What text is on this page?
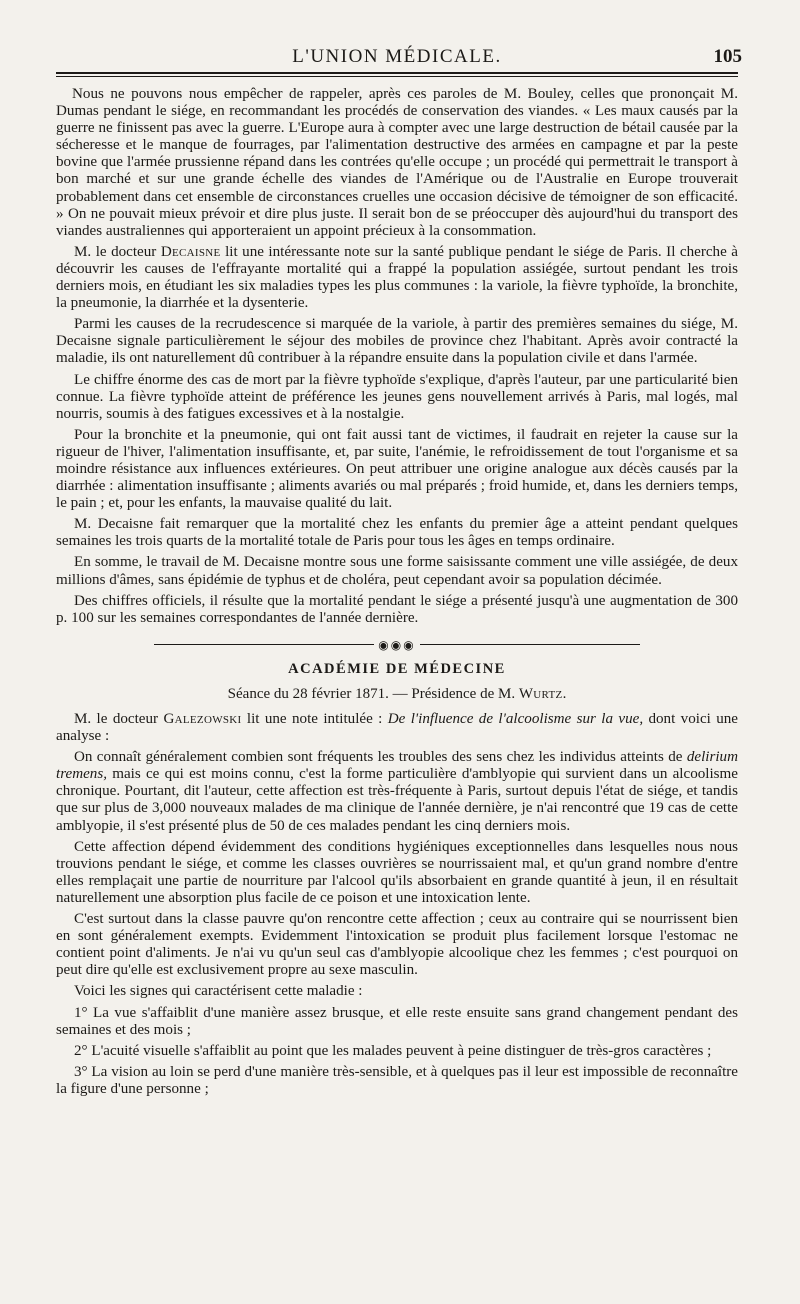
L'UNION MÉDICALE.	105

Nous ne pouvons nous empêcher de rappeler, après ces paroles de M. Bouley, celles que prononçait M. Dumas pendant le siége, en recommandant les procédés de conservation des viandes. « Les maux causés par la guerre ne finissent pas avec la guerre. L'Europe aura à compter avec une large destruction de bétail causée par la sécheresse et le manque de fourrages, par l'alimentation destructive des armées en campagne et par la peste bovine que l'armée prussienne répand dans les contrées qu'elle occupe ; un procédé qui permettrait le transport à bon marché et sur une grande échelle des viandes de l'Amérique ou de l'Australie en Europe trouverait probablement dans cet ensemble de circonstances cruelles une occasion décisive de témoigner de son efficacité. » On ne pouvait mieux prévoir et dire plus juste. Il serait bon de se préoccuper dès aujourd'hui du transport des viandes australiennes qui apporteraient un appoint précieux à la consommation.

M. le docteur Decaisne lit une intéressante note sur la santé publique pendant le siége de Paris. Il cherche à découvrir les causes de l'effrayante mortalité qui a frappé la population assiégée, surtout pendant les trois derniers mois, en étudiant les six maladies types les plus communes : la variole, la fièvre typhoïde, la bronchite, la pneumonie, la diarrhée et la dysenterie.

Parmi les causes de la recrudescence si marquée de la variole, à partir des premières semaines du siége, M. Decaisne signale particulièrement le séjour des mobiles de province chez l'habitant. Après avoir contracté la maladie, ils ont naturellement dû contribuer à la répandre ensuite dans la population civile et dans l'armée.

Le chiffre énorme des cas de mort par la fièvre typhoïde s'explique, d'après l'auteur, par une particularité bien connue. La fièvre typhoïde atteint de préférence les jeunes gens nouvellement arrivés à Paris, mal logés, mal nourris, soumis à des fatigues excessives et à la nostalgie.

Pour la bronchite et la pneumonie, qui ont fait aussi tant de victimes, il faudrait en rejeter la cause sur la rigueur de l'hiver, l'alimentation insuffisante, et, par suite, l'anémie, le refroidissement de tout l'organisme et sa moindre résistance aux influences extérieures. On peut attribuer une origine analogue aux décès causés par la diarrhée : alimentation insuffisante ; aliments avariés ou mal préparés ; froid humide, et, dans les derniers temps, le pain ; et, pour les enfants, la mauvaise qualité du lait.

M. Decaisne fait remarquer que la mortalité chez les enfants du premier âge a atteint pendant quelques semaines les trois quarts de la mortalité totale de Paris pour tous les âges en temps ordinaire.

En somme, le travail de M. Decaisne montre sous une forme saisissante comment une ville assiégée, de deux millions d'âmes, sans épidémie de typhus et de choléra, peut cependant avoir sa population décimée.

Des chiffres officiels, il résulte que la mortalité pendant le siége a présenté jusqu'à une augmentation de 300 p. 100 sur les semaines correspondantes de l'année dernière.

◉◉◉
ACADÉMIE DE MÉDECINE
Séance du 28 février 1871. — Présidence de M. Wurtz.

M. le docteur Galezowski lit une note intitulée : De l'influence de l'alcoolisme sur la vue, dont voici une analyse :

On connaît généralement combien sont fréquents les troubles des sens chez les individus atteints de delirium tremens, mais ce qui est moins connu, c'est la forme particulière d'amblyopie qui survient dans un alcoolisme chronique. Pourtant, dit l'auteur, cette affection est très-fréquente à Paris, surtout depuis l'état de siége, et tandis que sur plus de 3,000 nouveaux malades de ma clinique de l'année dernière, je n'ai rencontré que 19 cas de cette amblyopie, il s'est présenté plus de 50 de ces malades pendant les cinq derniers mois.

Cette affection dépend évidemment des conditions hygiéniques exceptionnelles dans lesquelles nous nous trouvions pendant le siége, et comme les classes ouvrières se nourrissaient mal, et qu'un grand nombre d'entre elles remplaçait une partie de nourriture par l'alcool qu'ils absorbaient en grande quantité à jeun, il en résultait naturellement une absorption plus facile de ce poison et une intoxication lente.

C'est surtout dans la classe pauvre qu'on rencontre cette affection ; ceux au contraire qui se nourrissent bien en sont généralement exempts. Evidemment l'intoxication se produit plus facilement lorsque l'estomac ne contient point d'aliments. Je n'ai vu qu'un seul cas d'amblyopie alcoolique chez les femmes ; c'est pourquoi on peut dire qu'elle est exclusivement propre au sexe masculin.

Voici les signes qui caractérisent cette maladie :

1° La vue s'affaiblit d'une manière assez brusque, et elle reste ensuite sans grand changement pendant des semaines et des mois ;

2° L'acuité visuelle s'affaiblit au point que les malades peuvent à peine distinguer de très-gros caractères ;

3° La vision au loin se perd d'une manière très-sensible, et à quelques pas il leur est impossible de reconnaître la figure d'une personne ;
